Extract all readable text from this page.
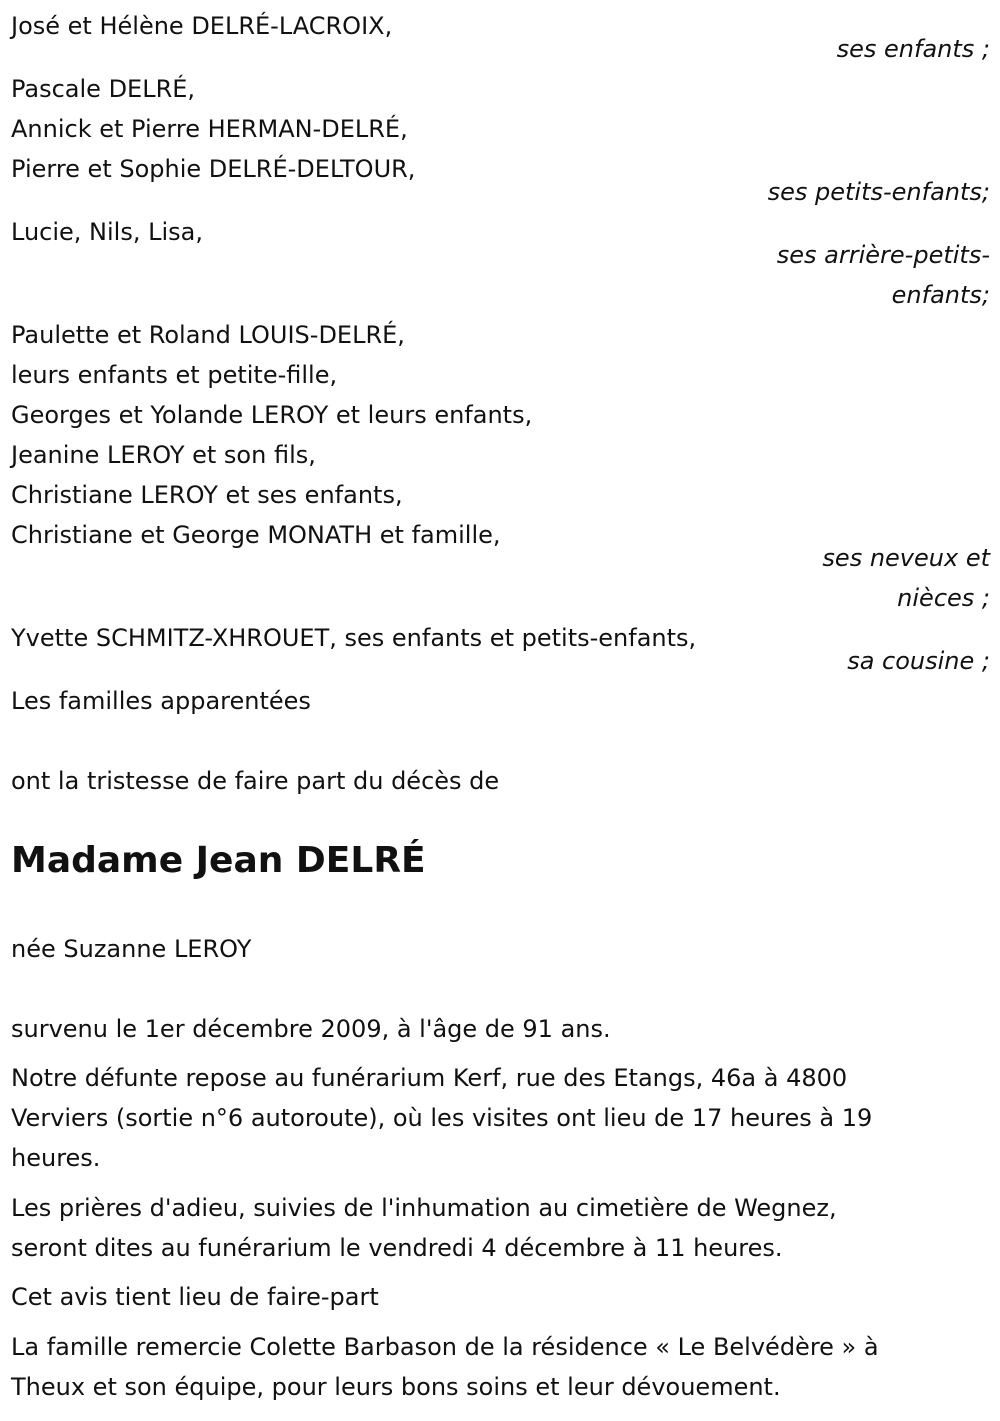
José et Hélène DELRÉ-LACROIX,
ses enfants ;
Pascale DELRÉ,
Annick et Pierre HERMAN-DELRÉ,
Pierre et Sophie DELRÉ-DELTOUR,
ses petits-enfants;
Lucie, Nils, Lisa,
ses arrière-petits-
enfants;
Paulette et Roland LOUIS-DELRÉ,
leurs enfants et petite-fille,
Georges et Yolande LEROY et leurs enfants,
Jeanine LEROY et son fils,
Christiane LEROY et ses enfants,
Christiane et George MONATH et famille,
ses neveux et
nièces ;
Yvette SCHMITZ-XHROUET, ses enfants et petits-enfants,
sa cousine ;
Les familles apparentées
ont la tristesse de faire part du décès de
Madame Jean DELRÉ
née Suzanne LEROY
survenu le 1er décembre 2009, à l'âge de 91 ans.
Notre défunte repose au funérarium Kerf, rue des Etangs, 46a à 4800
Verviers (sortie n°6 autoroute), où les visites ont lieu de 17 heures à 19
heures.
Les prières d'adieu, suivies de l'inhumation au cimetière de Wegnez,
seront dites au funérarium le vendredi 4 décembre à 11 heures.
Cet avis tient lieu de faire-part
La famille remercie Colette Barbason de la résidence « Le Belvédère » à
Theux et son équipe, pour leurs bons soins et leur dévouement.
